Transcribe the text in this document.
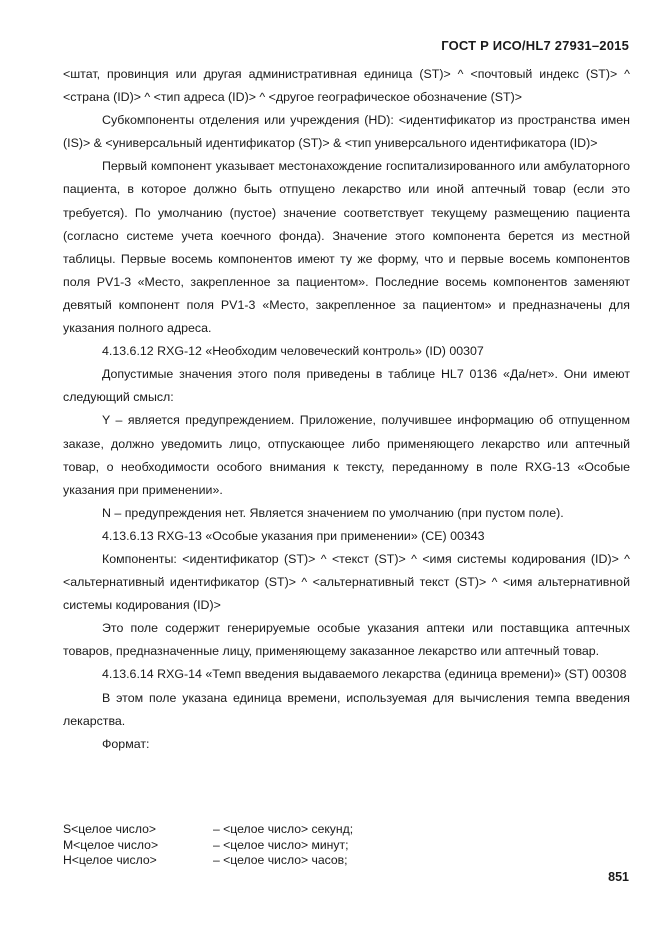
ГОСТ Р ИСО/HL7 27931–2015

<штат, провинция или другая административная единица (ST)> ^ <почтовый индекс (ST)> ^ <страна (ID)> ^ <тип адреса (ID)> ^ <другое географическое обозначение (ST)>

Субкомпоненты отделения или учреждения (HD): <идентификатор из пространства имен (IS)> & <универсальный идентификатор (ST)> & <тип универсального идентификатора (ID)>

Первый компонент указывает местонахождение госпитализированного или амбулаторного пациента, в которое должно быть отпущено лекарство или иной аптечный товар (если это требуется). По умолчанию (пустое) значение соответствует текущему размещению пациента (согласно системе учета коечного фонда). Значение этого компонента берется из местной таблицы. Первые восемь компонентов имеют ту же форму, что и первые восемь компонентов поля PV1-3 «Место, закрепленное за пациентом». Последние восемь компонентов заменяют девятый компонент поля PV1-3 «Место, закрепленное за пациентом» и предназначены для указания полного адреса.

4.13.6.12 RXG-12 «Необходим человеческий контроль» (ID) 00307

Допустимые значения этого поля приведены в таблице HL7 0136 «Да/нет». Они имеют следующий смысл:

Y – является предупреждением. Приложение, получившее информацию об отпущенном заказе, должно уведомить лицо, отпускающее либо применяющего лекарство или аптечный товар, о необходимости особого внимания к тексту, переданному в поле RXG-13 «Особые указания при применении».

N – предупреждения нет. Является значением по умолчанию (при пустом поле).

4.13.6.13 RXG-13 «Особые указания при применении» (CE) 00343

Компоненты: <идентификатор (ST)> ^ <текст (ST)> ^ <имя системы кодирования (ID)> ^ <альтернативный идентификатор (ST)> ^ <альтернативный текст (ST)> ^ <имя альтернативной системы кодирования (ID)>

Это поле содержит генерируемые особые указания аптеки или поставщика аптечных товаров, предназначенные лицу, применяющему заказанное лекарство или аптечный товар.

4.13.6.14 RXG-14 «Темп введения выдаваемого лекарства (единица времени)» (ST) 00308

В этом поле указана единица времени, используемая для вычисления темпа введения лекарства.

Формат:

S<целое число>	– <целое число> секунд;
M<целое число>	– <целое число> минут;
H<целое число>	– <целое число> часов;
851
